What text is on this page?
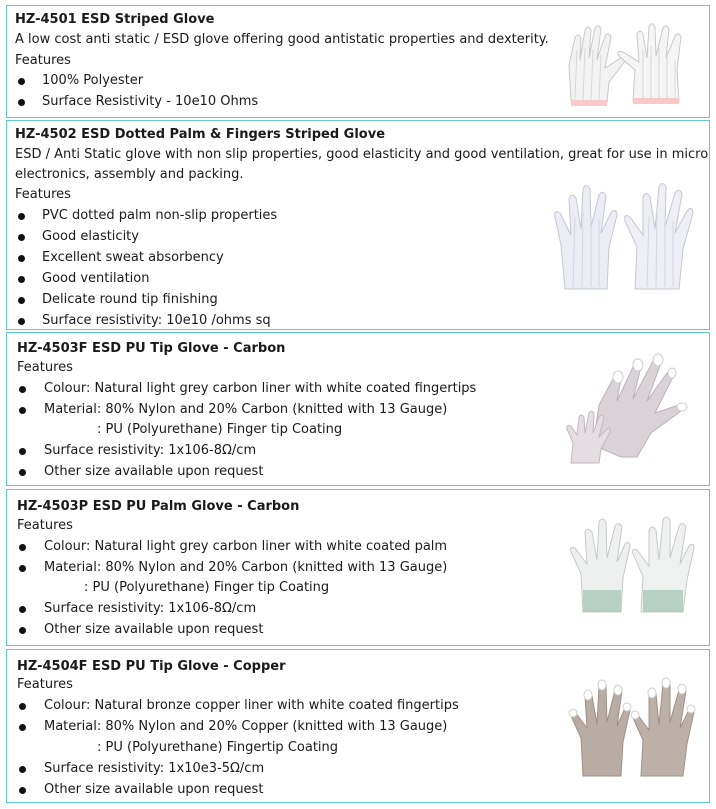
HZ-4501 ESD Striped Glove
A low cost anti static / ESD glove offering good antistatic properties and dexterity.
Features
100% Polyester
Surface Resistivity - 10e10 Ohms
HZ-4502 ESD Dotted Palm & Fingers Striped Glove
ESD / Anti Static glove with non slip properties, good elasticity and good ventilation, great for use in micro
electronics, assembly and packing.
Features
PVC dotted palm non-slip properties
Good elasticity
Excellent sweat absorbency
Good ventilation
Delicate round tip finishing
Surface resistivity: 10e10 /ohms sq
HZ-4503F ESD PU Tip Glove - Carbon
Features
Colour: Natural light grey carbon liner with white coated fingertips
Material: 80% Nylon and 20% Carbon (knitted with 13 Gauge)
: PU (Polyurethane) Finger tip Coating
Surface resistivity: 1x106-8Ω/cm
Other size available upon request
HZ-4503P ESD PU Palm Glove - Carbon
Features
Colour: Natural light grey carbon liner with white coated palm
Material: 80% Nylon and 20% Carbon (knitted with 13 Gauge)
: PU (Polyurethane) Finger tip Coating
Surface resistivity: 1x106-8Ω/cm
Other size available upon request
HZ-4504F ESD PU Tip Glove - Copper
Features
Colour: Natural bronze copper liner with white coated fingertips
Material: 80% Nylon and 20% Copper (knitted with 13 Gauge)
: PU (Polyurethane) Fingertip Coating
Surface resistivity: 1x10e3-5Ω/cm
Other size available upon request
